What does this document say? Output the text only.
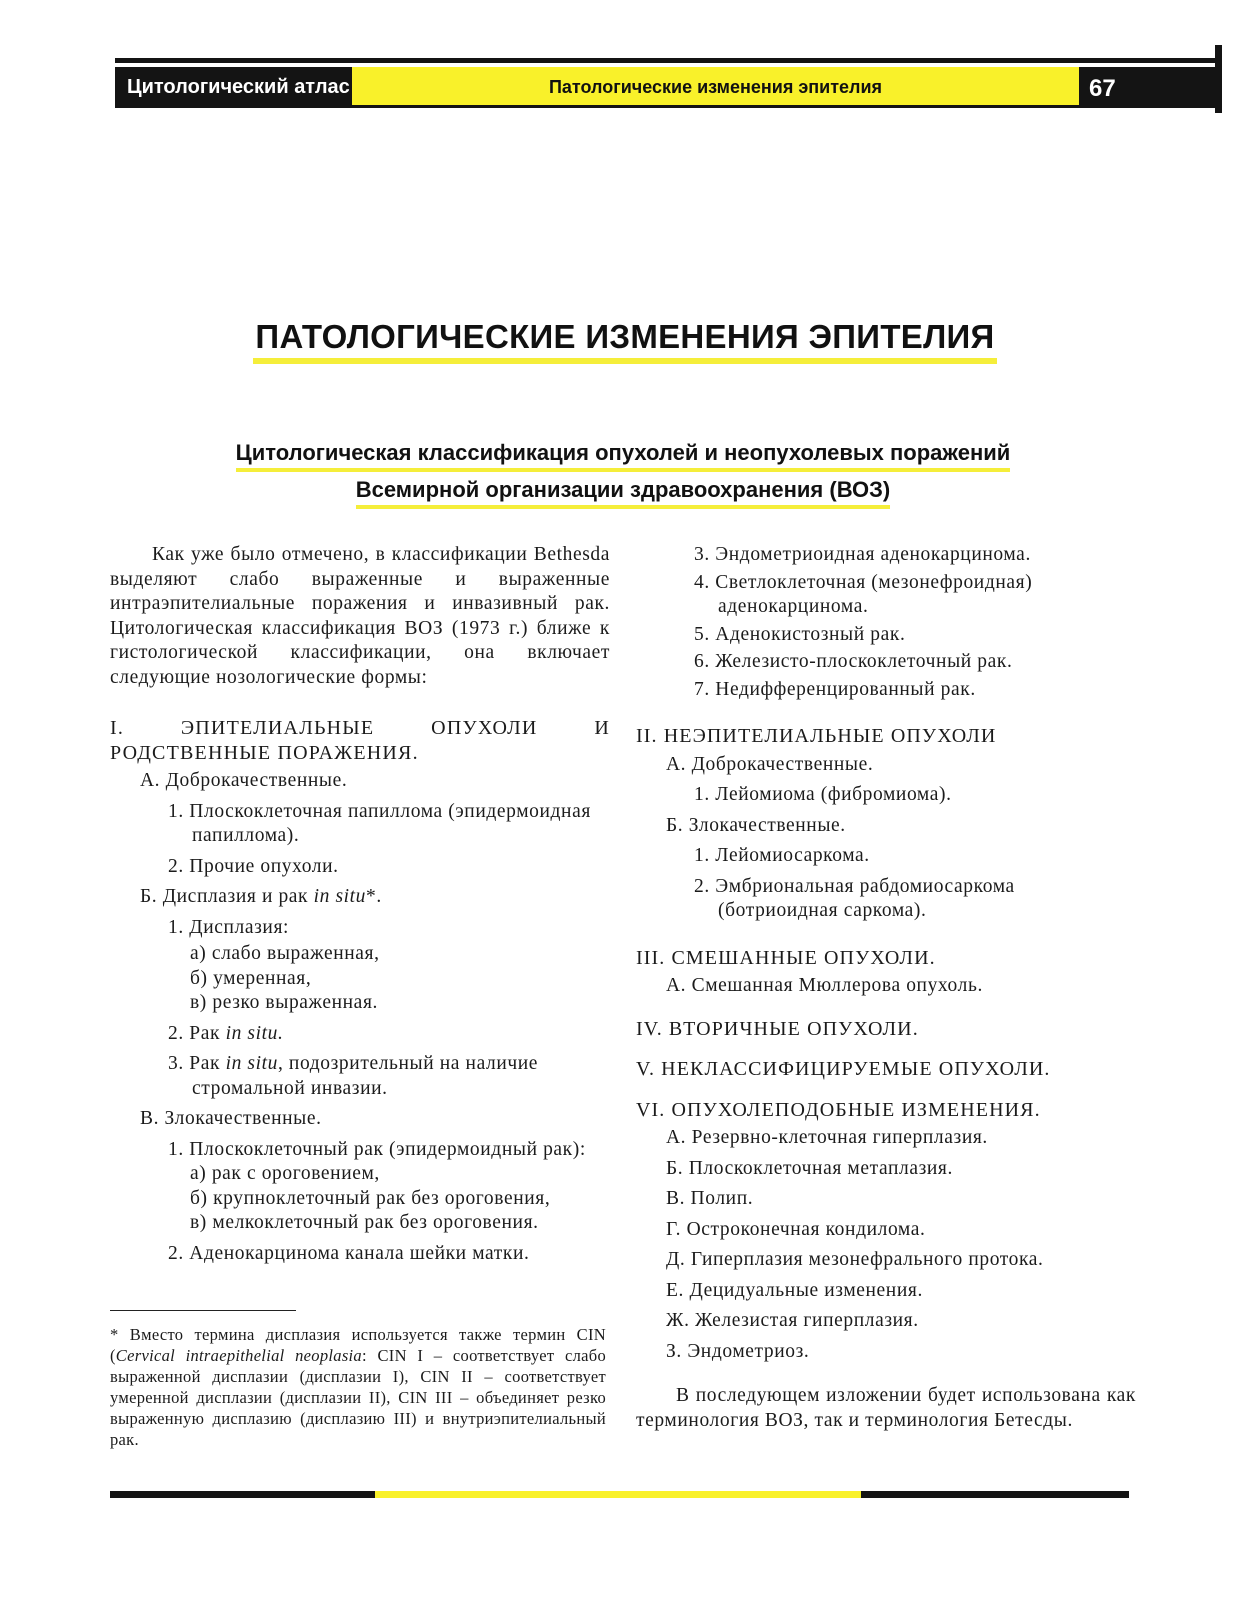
Цитологический атлас	Патологические изменения эпителия	67
ПАТОЛОГИЧЕСКИЕ ИЗМЕНЕНИЯ ЭПИТЕЛИЯ
Цитологическая классификация опухолей и неопухолевых поражений
Всемирной организации здравоохранения (ВОЗ)

Как уже было отмечено, в классификации Bethesda выделяют слабо выраженные и выраженные интраэпителиальные поражения и инвазивный рак. Цитологическая классификация ВОЗ (1973 г.) ближе к гистологической классификации, она включает следующие нозологические формы:

I. ЭПИТЕЛИАЛЬНЫЕ ОПУХОЛИ И РОДСТВЕННЫЕ ПОРАЖЕНИЯ.
А. Доброкачественные.
1. Плоскоклеточная папиллома (эпидермоидная папиллома).
2. Прочие опухоли.
Б. Дисплазия и рак in situ*.
1. Дисплазия:
а) слабо выраженная,
б) умеренная,
в) резко выраженная.
2. Рак in situ.
3. Рак in situ, подозрительный на наличие стромальной инвазии.
В. Злокачественные.
1. Плоскоклеточный рак (эпидермоидный рак):
а) рак с ороговением,
б) крупноклеточный рак без ороговения,
в) мелкоклеточный рак без ороговения.
2. Аденокарцинома канала шейки матки.
3. Эндометриоидная аденокарцинома.
4. Светлоклеточная (мезонефроидная) аденокарцинома.
5. Аденокистозный рак.
6. Железисто-плоскоклеточный рак.
7. Недифференцированный рак.
II. НЕЭПИТЕЛИАЛЬНЫЕ ОПУХОЛИ
А. Доброкачественные.
1. Лейомиома (фибромиома).
Б. Злокачественные.
1. Лейомиосаркома.
2. Эмбриональная рабдомиосаркома (ботриоидная саркома).
III. СМЕШАННЫЕ ОПУХОЛИ.
А. Смешанная Мюллерова опухоль.
IV. ВТОРИЧНЫЕ ОПУХОЛИ.
V. НЕКЛАССИФИЦИРУЕМЫЕ ОПУХОЛИ.
VI. ОПУХОЛЕПОДОБНЫЕ ИЗМЕНЕНИЯ.
А. Резервно-клеточная гиперплазия.
Б. Плоскоклеточная метаплазия.
В. Полип.
Г. Остроконечная кондилома.
Д. Гиперплазия мезонефрального протока.
Е. Децидуальные изменения.
Ж. Железистая гиперплазия.
З. Эндометриоз.

В последующем изложении будет использована как терминология ВОЗ, так и терминология Бетесды.

* Вместо термина дисплазия используется также термин CIN (Cervical intraepithelial neoplasia: CIN I – соответствует слабо выраженной дисплазии (дисплазии I), CIN II – соответствует умеренной дисплазии (дисплазии II), CIN III – объединяет резко выраженную дисплазию (дисплазию III) и внутриэпителиальный рак.
